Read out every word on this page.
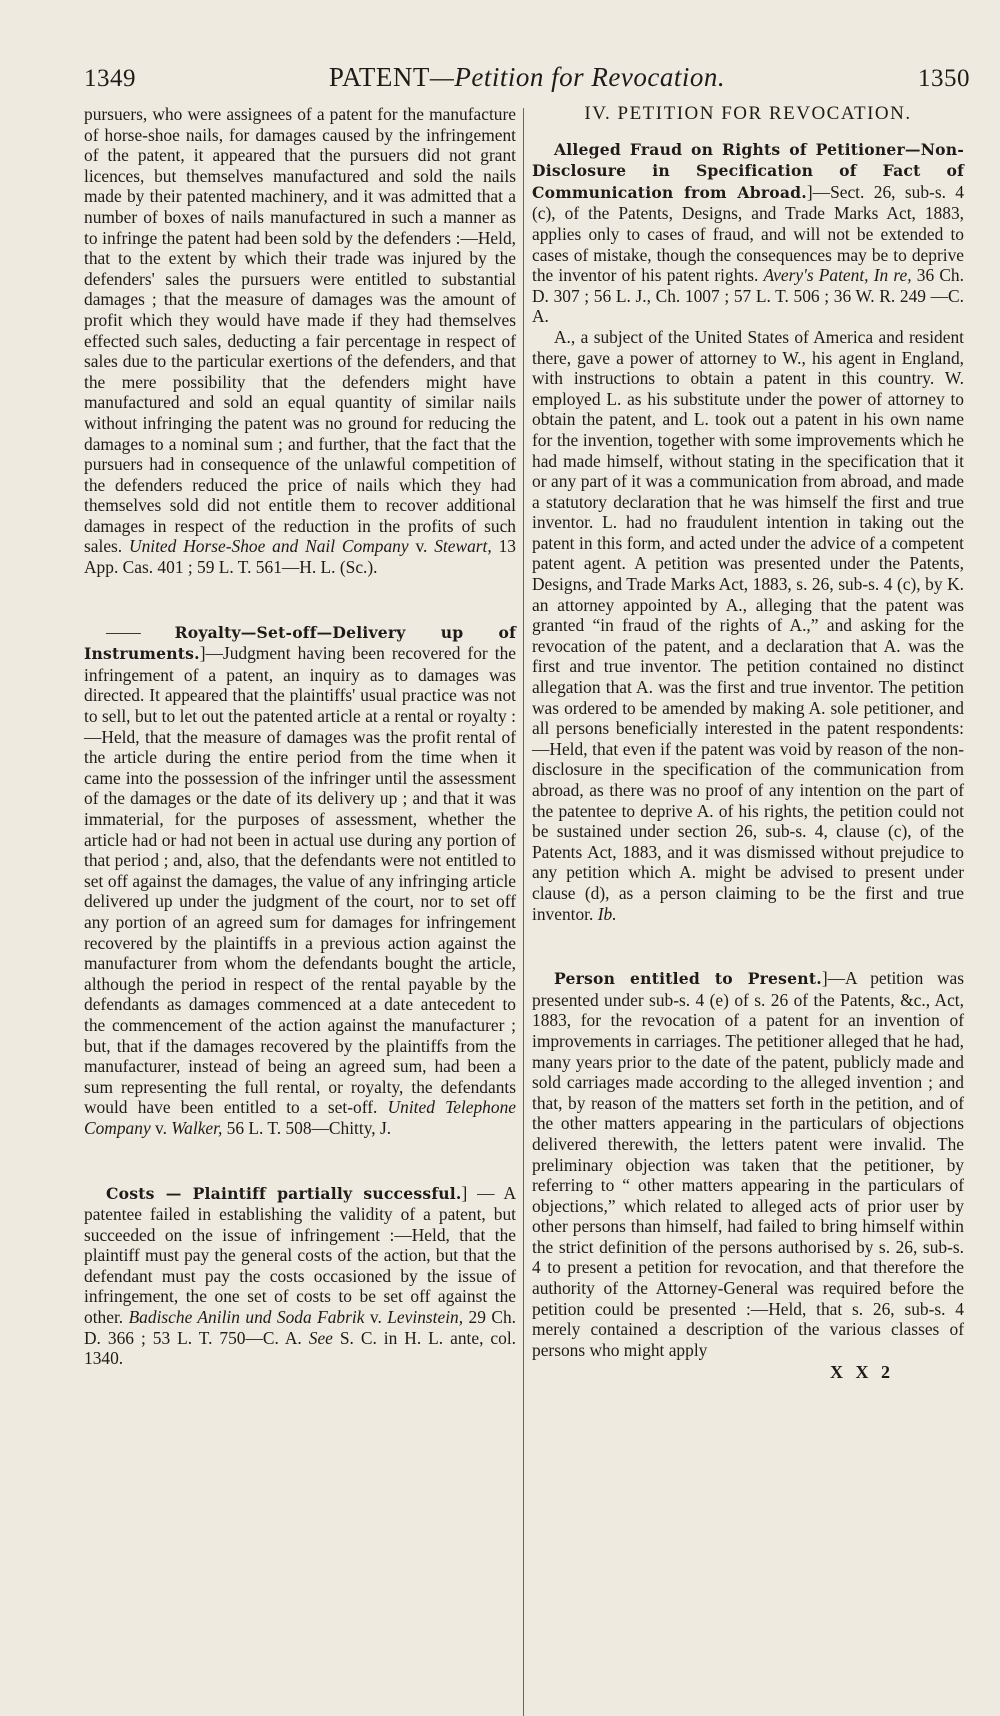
1349	PATENT—Petition for Revocation.	1350

pursuers, who were assignees of a patent for the manufacture of horse-shoe nails, for damages caused by the infringement of the patent, it appeared that the pursuers did not grant licences, but themselves manufactured and sold the nails made by their patented machinery, and it was admitted that a number of boxes of nails manufactured in such a manner as to infringe the patent had been sold by the defenders :—Held, that to the extent by which their trade was injured by the defenders' sales the pursuers were entitled to substantial damages ; that the measure of damages was the amount of profit which they would have made if they had themselves effected such sales, deducting a fair percentage in respect of sales due to the particular exertions of the defenders, and that the mere possibility that the defenders might have manufactured and sold an equal quantity of similar nails without infringing the patent was no ground for reducing the damages to a nominal sum ; and further, that the fact that the pursuers had in consequence of the unlawful competition of the defenders reduced the price of nails which they had themselves sold did not entitle them to recover additional damages in respect of the reduction in the profits of such sales. United Horse-Shoe and Nail Company v. Stewart, 13 App. Cas. 401 ; 59 L. T. 561—H. L. (Sc.).

—— Royalty—Set-off—Delivery up of Instruments.]—Judgment having been recovered for the infringement of a patent, an inquiry as to damages was directed. It appeared that the plaintiffs' usual practice was not to sell, but to let out the patented article at a rental or royalty :—Held, that the measure of damages was the profit rental of the article during the entire period from the time when it came into the possession of the infringer until the assessment of the damages or the date of its delivery up ; and that it was immaterial, for the purposes of assessment, whether the article had or had not been in actual use during any portion of that period ; and, also, that the defendants were not entitled to set off against the damages, the value of any infringing article delivered up under the judgment of the court, nor to set off any portion of an agreed sum for damages for infringement recovered by the plaintiffs in a previous action against the manufacturer from whom the defendants bought the article, although the period in respect of the rental payable by the defendants as damages commenced at a date antecedent to the commencement of the action against the manufacturer ; but, that if the damages recovered by the plaintiffs from the manufacturer, instead of being an agreed sum, had been a sum representing the full rental, or royalty, the defendants would have been entitled to a set-off. United Telephone Company v. Walker, 56 L. T. 508—Chitty, J.

Costs — Plaintiff partially successful.] — A patentee failed in establishing the validity of a patent, but succeeded on the issue of infringement :—Held, that the plaintiff must pay the general costs of the action, but that the defendant must pay the costs occasioned by the issue of infringement, the one set of costs to be set off against the other. Badische Anilin und Soda Fabrik v. Levinstein, 29 Ch. D. 366 ; 53 L. T. 750—C. A. See S. C. in H. L. ante, col. 1340.

IV. PETITION FOR REVOCATION.

Alleged Fraud on Rights of Petitioner—Non-Disclosure in Specification of Fact of Communication from Abroad.]—Sect. 26, sub-s. 4 (c), of the Patents, Designs, and Trade Marks Act, 1883, applies only to cases of fraud, and will not be extended to cases of mistake, though the consequences may be to deprive the inventor of his patent rights. Avery's Patent, In re, 36 Ch. D. 307 ; 56 L. J., Ch. 1007 ; 57 L. T. 506 ; 36 W. R. 249 —C. A.

A., a subject of the United States of America and resident there, gave a power of attorney to W., his agent in England, with instructions to obtain a patent in this country. W. employed L. as his substitute under the power of attorney to obtain the patent, and L. took out a patent in his own name for the invention, together with some improvements which he had made himself, without stating in the specification that it or any part of it was a communication from abroad, and made a statutory declaration that he was himself the first and true inventor. L. had no fraudulent intention in taking out the patent in this form, and acted under the advice of a competent patent agent. A petition was presented under the Patents, Designs, and Trade Marks Act, 1883, s. 26, sub-s. 4 (c), by K. an attorney appointed by A., alleging that the patent was granted “in fraud of the rights of A.,” and asking for the revocation of the patent, and a declaration that A. was the first and true inventor. The petition contained no distinct allegation that A. was the first and true inventor. The petition was ordered to be amended by making A. sole petitioner, and all persons beneficially interested in the patent respondents: —Held, that even if the patent was void by reason of the non-disclosure in the specification of the communication from abroad, as there was no proof of any intention on the part of the patentee to deprive A. of his rights, the petition could not be sustained under section 26, sub-s. 4, clause (c), of the Patents Act, 1883, and it was dismissed without prejudice to any petition which A. might be advised to present under clause (d), as a person claiming to be the first and true inventor. Ib.

Person entitled to Present.]—A petition was presented under sub-s. 4 (e) of s. 26 of the Patents, &c., Act, 1883, for the revocation of a patent for an invention of improvements in carriages. The petitioner alleged that he had, many years prior to the date of the patent, publicly made and sold carriages made according to the alleged invention ; and that, by reason of the matters set forth in the petition, and of the other matters appearing in the particulars of objections delivered therewith, the letters patent were invalid. The preliminary objection was taken that the petitioner, by referring to “ other matters appearing in the particulars of objections,” which related to alleged acts of prior user by other persons than himself, had failed to bring himself within the strict definition of the persons authorised by s. 26, sub-s. 4 to present a petition for revocation, and that therefore the authority of the Attorney-General was required before the petition could be presented :—Held, that s. 26, sub-s. 4 merely contained a description of the various classes of persons who might apply

X X 2
